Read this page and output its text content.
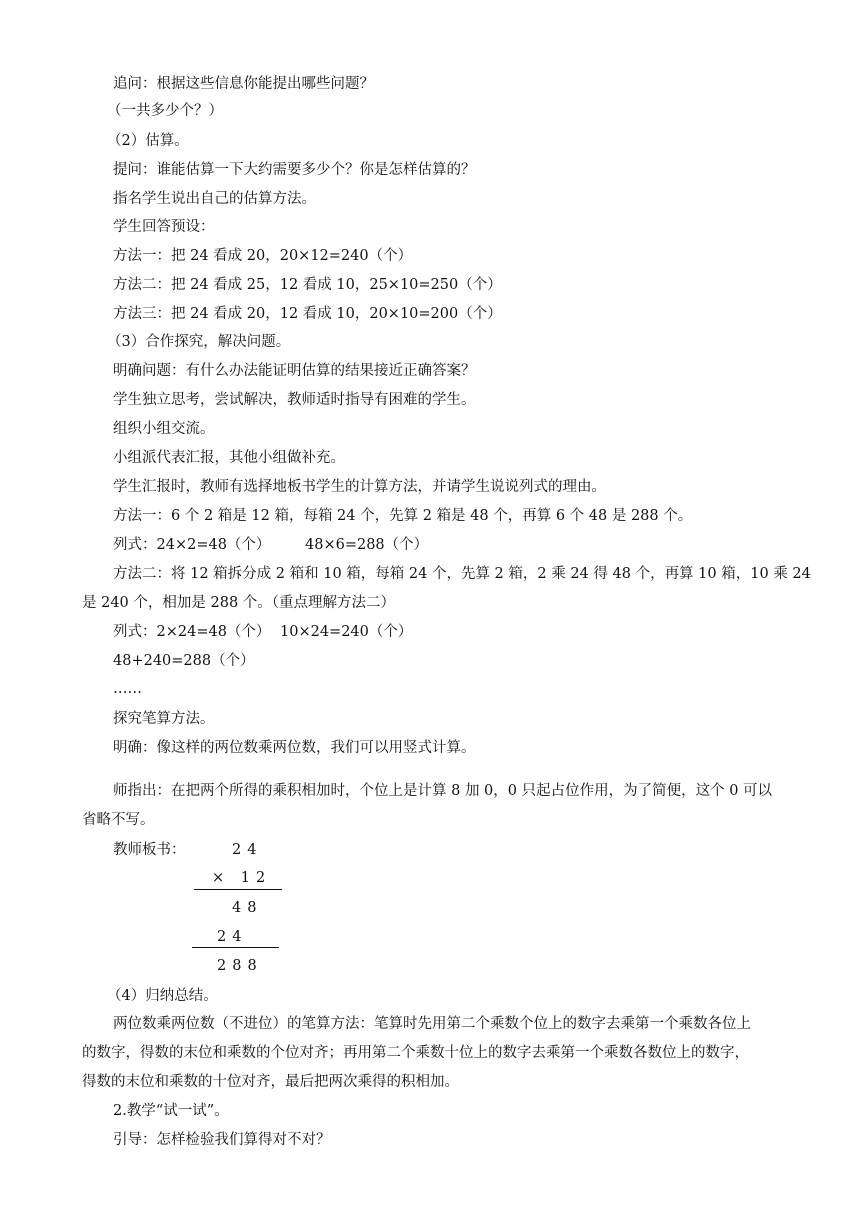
追问：根据这些信息你能提出哪些问题？
（一共多少个？）
（2）估算。
提问：谁能估算一下大约需要多少个？你是怎样估算的？
指名学生说出自己的估算方法。
学生回答预设：
方法一：把 24 看成 20，20×12=240（个）
方法二：把 24 看成 25，12 看成 10，25×10=250（个）
方法三：把 24 看成 20，12 看成 10，20×10=200（个）
（3）合作探究，解决问题。
明确问题：有什么办法能证明估算的结果接近正确答案？
学生独立思考，尝试解决，教师适时指导有困难的学生。
组织小组交流。
小组派代表汇报，其他小组做补充。
学生汇报时，教师有选择地板书学生的计算方法，并请学生说说列式的理由。
方法一：6 个 2 箱是 12 箱，每箱 24 个，先算 2 箱是 48 个，再算 6 个 48 是 288 个。
列式：24×2=48（个） 48×6=288（个）
方法二：将 12 箱拆分成 2 箱和 10 箱，每箱 24 个，先算 2 箱，2 乘 24 得 48 个，再算 10 箱，10 乘 24
是 240 个，相加是 288 个。（重点理解方法二）
列式：2×24=48（个） 10×24=240（个）
48+240=288（个）
……
探究笔算方法。
明确：像这样的两位数乘两位数，我们可以用竖式计算。
师指出：在把两个所得的乘积相加时，个位上是计算 8 加 0，0 只起占位作用，为了简便，这个 0 可以
省略不写。
教师板书：	24
× 12
48
24
288
（4）归纳总结。
两位数乘两位数（不进位）的笔算方法：笔算时先用第二个乘数个位上的数字去乘第一个乘数各位上
的数字，得数的末位和乘数的个位对齐；再用第二个乘数十位上的数字去乘第一个乘数各数位上的数字，
得数的末位和乘数的十位对齐，最后把两次乘得的积相加。
2.教学“试一试”。
引导：怎样检验我们算得对不对？
